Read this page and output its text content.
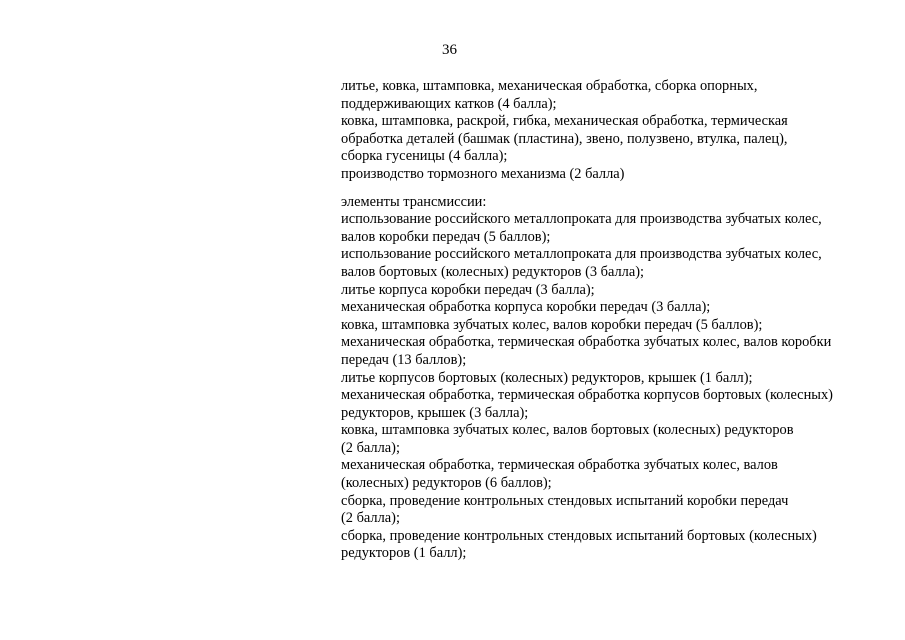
36
литье, ковка, штамповка, механическая обработка, сборка опорных,
поддерживающих катков (4 балла);
ковка, штамповка, раскрой, гибка, механическая обработка, термическая
обработка деталей (башмак (пластина), звено, полузвено, втулка, палец),
сборка гусеницы (4 балла);
производство тормозного механизма (2 балла)
элементы трансмиссии:
использование российского металлопроката для производства зубчатых колес,
валов коробки передач (5 баллов);
использование российского металлопроката для производства зубчатых колес,
валов бортовых (колесных) редукторов (3 балла);
литье корпуса коробки передач (3 балла);
механическая обработка корпуса коробки передач (3 балла);
ковка, штамповка зубчатых колес, валов коробки передач (5 баллов);
механическая обработка, термическая обработка зубчатых колес, валов коробки
передач (13 баллов);
литье корпусов бортовых (колесных) редукторов, крышек (1 балл);
механическая обработка, термическая обработка корпусов бортовых (колесных)
редукторов, крышек (3 балла);
ковка, штамповка зубчатых колес, валов бортовых (колесных) редукторов
(2 балла);
механическая обработка, термическая обработка зубчатых колес, валов
(колесных) редукторов (6 баллов);
сборка, проведение контрольных стендовых испытаний коробки передач
(2 балла);
сборка, проведение контрольных стендовых испытаний бортовых (колесных)
редукторов (1 балл);
